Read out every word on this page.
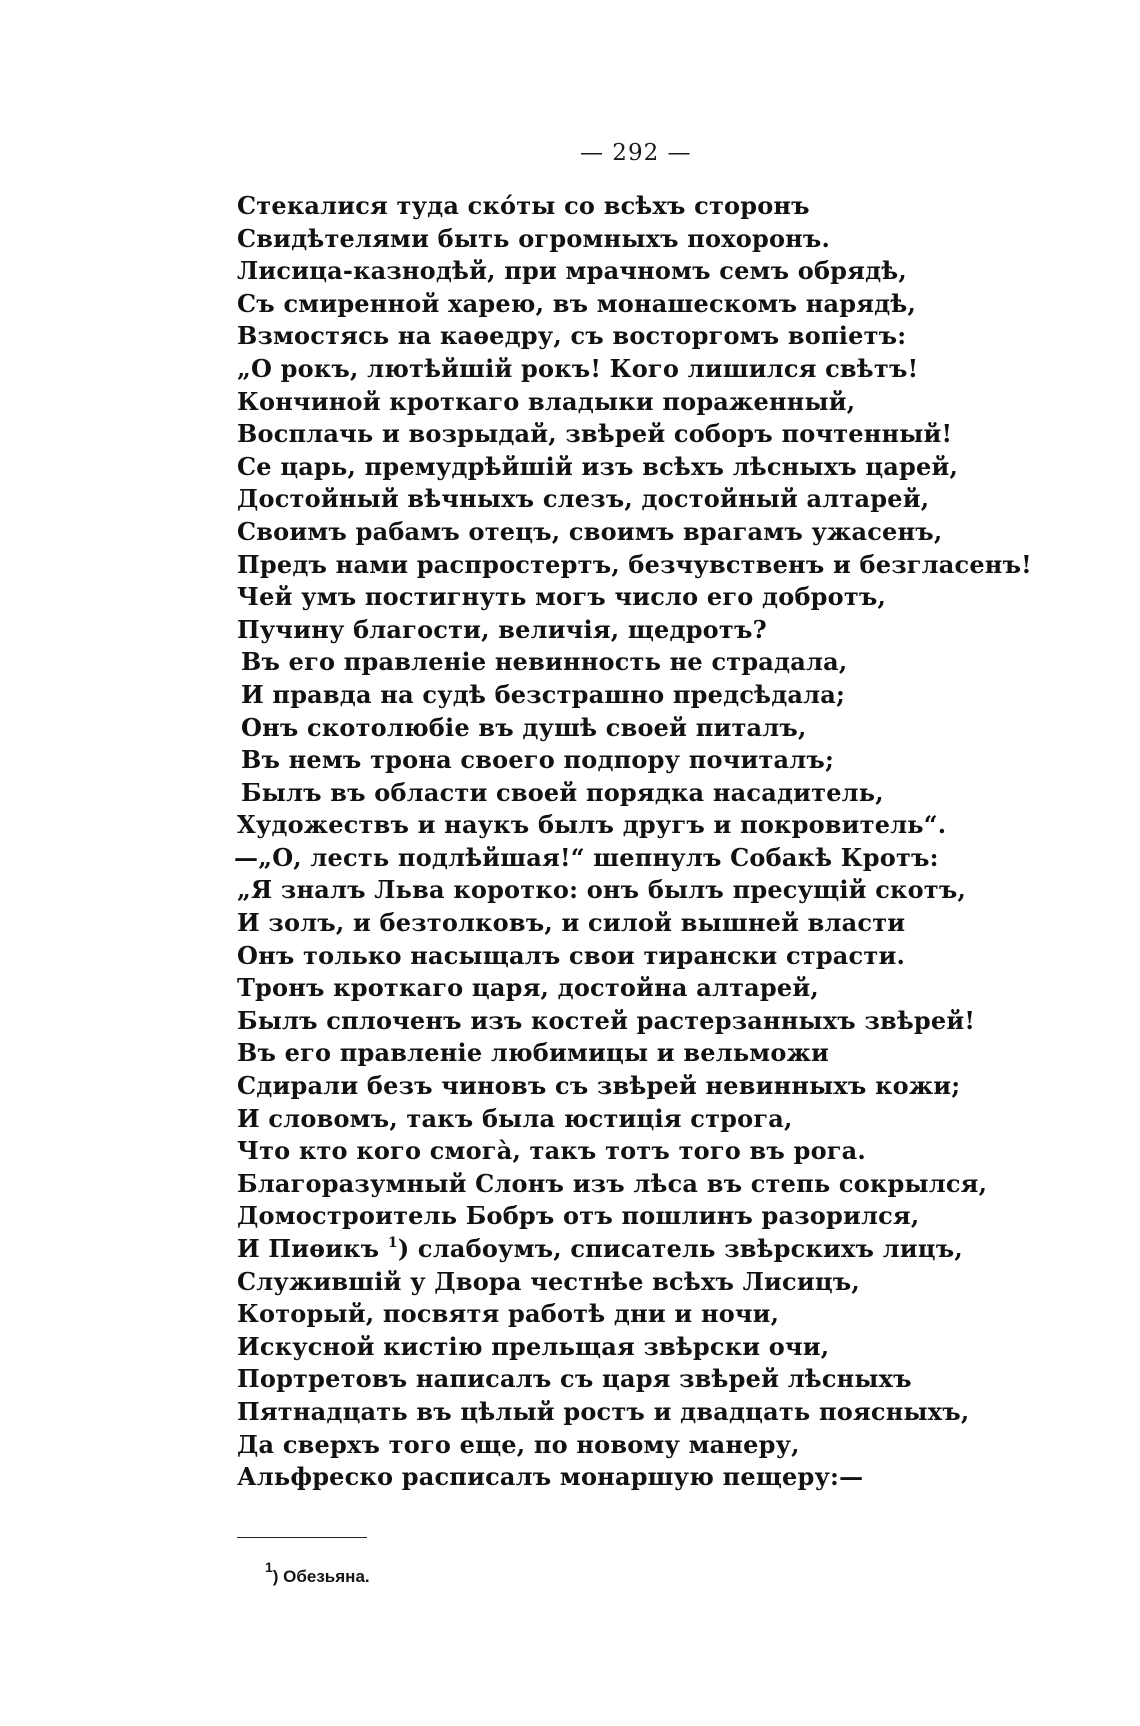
— 292 —
Стекалися туда скóты со всѣхъ сторонъ
Свидѣтелями быть огромныхъ похоронъ.
Лисица-казнодѣй, при мрачномъ семъ обрядѣ,
Съ смиренной харею, въ монашескомъ нарядѣ,
Взмостясь на каѳедру, съ восторгомъ вопіетъ:
„О рокъ, лютѣйшій рокъ! Кого лишился свѣтъ!
Кончиной кроткаго владыки пораженный,
Восплачь и возрыдай, звѣрей соборъ почтенный!
Се царь, премудрѣйшій изъ всѣхъ лѣсныхъ царей,
Достойный вѣчныхъ слезъ, достойный алтарей,
Своимъ рабамъ отецъ, своимъ врагамъ ужасенъ,
Предъ нами распростертъ, безчувственъ и безгласенъ!
Чей умъ постигнуть могъ число его добротъ,
Пучину благости, величія, щедротъ?
Въ его правленіе невинность не страдала,
И правда на судѣ безстрашно предсѣдала;
Онъ скотолюбіе въ душѣ своей питалъ,
Въ немъ трона своего подпору почиталъ;
Былъ въ области своей порядка насадитель,
Художествъ и наукъ былъ другъ и покровитель“.
—„О, лесть подлѣйшая!“ шепнулъ Собакѣ Кротъ:
„Я зналъ Льва коротко: онъ былъ пресущій скотъ,
И золъ, и безтолковъ, и силой вышней власти
Онъ только насыщалъ свои тирански страсти.
Тронъ кроткаго царя, достойна алтарей,
Былъ сплоченъ изъ костей растерзанныхъ звѣрей!
Въ его правленіе любимицы и вельможи
Сдирали безъ чиновъ съ звѣрей невинныхъ кожи;
И словомъ, такъ была юстиція строга,
Что кто кого смогà, такъ тотъ того въ рога.
Благоразумный Слонъ изъ лѣса въ степь сокрылся,
Домостроитель Бобръ отъ пошлинъ разорился,
И Пиѳикъ $^1$) слабоумъ, списатель звѣрскихъ лицъ,
Служившій у Двора честнѣе всѣхъ Лисицъ,
Который, посвятя работѣ дни и ночи,
Искусной кистію прельщая звѣрски очи,
Портретовъ написалъ съ царя звѣрей лѣсныхъ
Пятнадцать въ цѣлый ростъ и двадцать поясныхъ,
Да сверхъ того еще, по новому манеру,
Альфреско расписалъ монаршую пещеру:—
$^1$) Обезьяна.
